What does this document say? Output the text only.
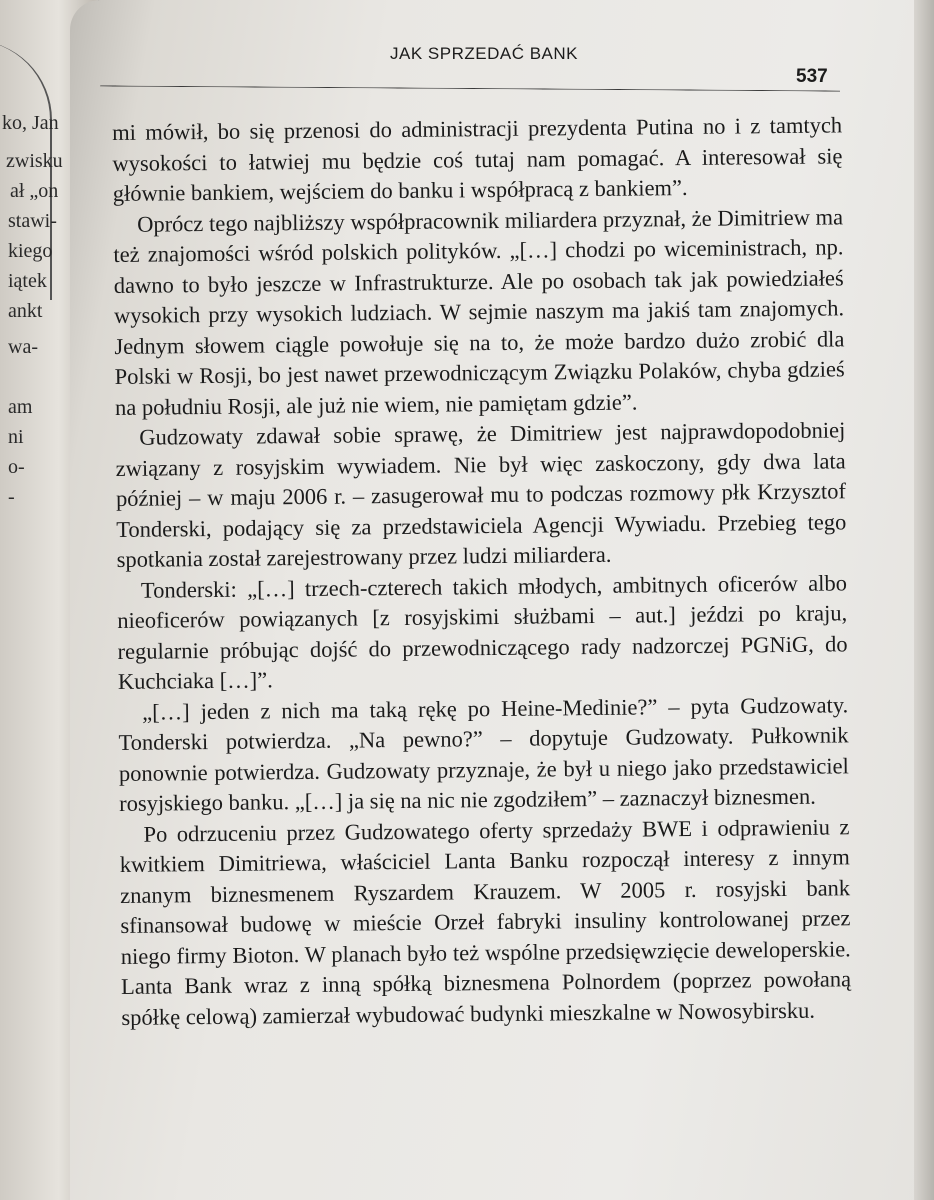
ko, Jan
zwisku
ał „on
stawi-
kiego
iątek
ankt
wa-
am
ni
o-
-
JAK SPRZEDAĆ BANK
537

mi mówił, bo się przenosi do administracji prezydenta Putina no i z tamtych wysokości to łatwiej mu będzie coś tutaj nam pomagać. A interesował się głównie bankiem, wejściem do banku i współpracą z bankiem”.

Oprócz tego najbliższy współpracownik miliardera przyznał, że Dimitriew ma też znajomości wśród polskich polityków. „[…] chodzi po wiceministrach, np. dawno to było jeszcze w Infrastrukturze. Ale po osobach tak jak powiedziałeś wysokich przy wysokich ludziach. W sejmie naszym ma jakiś tam znajomych. Jednym słowem ciągle powołuje się na to, że może bardzo dużo zrobić dla Polski w Rosji, bo jest nawet przewodniczącym Związku Polaków, chyba gdzieś na południu Rosji, ale już nie wiem, nie pamiętam gdzie”.

Gudzowaty zdawał sobie sprawę, że Dimitriew jest najprawdopodobniej związany z rosyjskim wywiadem. Nie był więc zaskoczony, gdy dwa lata później – w maju 2006 r. – zasugerował mu to podczas rozmowy płk Krzysztof Tonderski, podający się za przedstawiciela Agencji Wywiadu. Przebieg tego spotkania został zarejestrowany przez ludzi miliardera.

Tonderski: „[…] trzech-czterech takich młodych, ambitnych oficerów albo nieoficerów powiązanych [z rosyjskimi służbami – aut.] jeździ po kraju, regularnie próbując dojść do przewodniczącego rady nadzorczej PGNiG, do Kuchciaka […]”.

„[…] jeden z nich ma taką rękę po Heine-Medinie?” – pyta Gudzowaty. Tonderski potwierdza. „Na pewno?” – dopytuje Gudzowaty. Pułkownik ponownie potwierdza. Gudzowaty przyznaje, że był u niego jako przedstawiciel rosyjskiego banku. „[…] ja się na nic nie zgodziłem” – zaznaczył biznesmen.

Po odrzuceniu przez Gudzowatego oferty sprzedaży BWE i odprawieniu z kwitkiem Dimitriewa, właściciel Lanta Banku rozpoczął interesy z innym znanym biznesmenem Ryszardem Krauzem. W 2005 r. rosyjski bank sfinansował budowę w mieście Orzeł fabryki insuliny kontrolowanej przez niego firmy Bioton. W planach było też wspólne przedsięwzięcie deweloperskie. Lanta Bank wraz z inną spółką biznesmena Polnordem (poprzez powołaną spółkę celową) zamierzał wybudować budynki mieszkalne w Nowosybirsku.
